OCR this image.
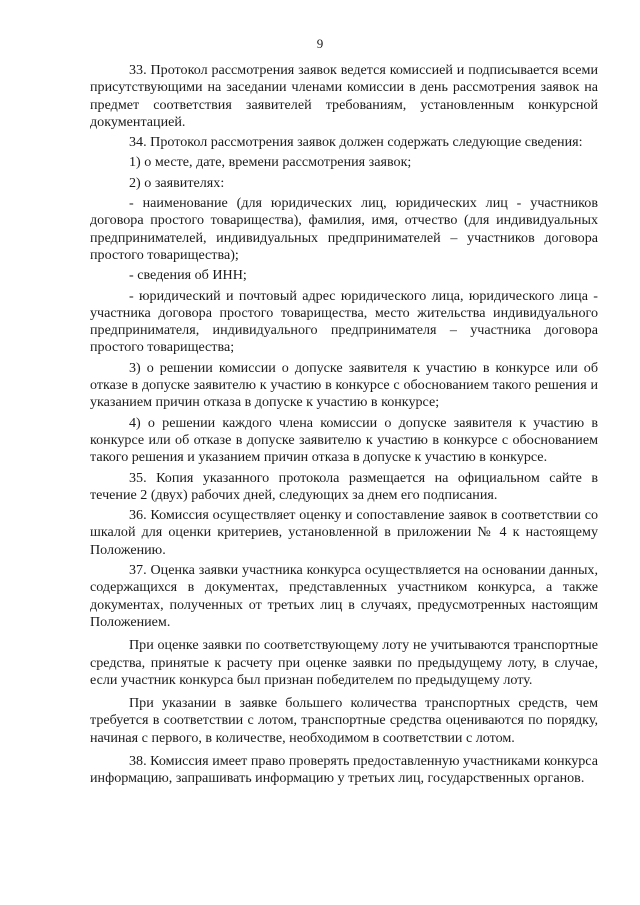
9

33. Протокол рассмотрения заявок ведется комиссией и подписывается всеми присутствующими на заседании членами комиссии в день рассмотрения заявок на предмет соответствия заявителей требованиям, установленным конкурсной документацией.

34. Протокол рассмотрения заявок должен содержать следующие сведения:

1) о месте, дате, времени рассмотрения заявок;

2) о заявителях:

- наименование (для юридических лиц, юридических лиц - участников договора простого товарищества), фамилия, имя, отчество (для индивидуальных предпринимателей, индивидуальных предпринимателей – участников договора простого товарищества);

- сведения об ИНН;

- юридический и почтовый адрес юридического лица, юридического лица - участника договора простого товарищества, место жительства индивидуального предпринимателя, индивидуального предпринимателя – участника договора простого товарищества;

3) о решении комиссии о допуске заявителя к участию в конкурсе или об отказе в допуске заявителю к участию в конкурсе с обоснованием такого решения и указанием причин отказа в допуске к участию в конкурсе;

4) о решении каждого члена комиссии о допуске заявителя к участию в конкурсе или об отказе в допуске заявителю к участию в конкурсе с обоснованием такого решения и указанием причин отказа в допуске к участию в конкурсе.

35. Копия указанного протокола размещается на официальном сайте в течение 2 (двух) рабочих дней, следующих за днем его подписания.

36. Комиссия осуществляет оценку и сопоставление заявок в соответствии со шкалой для оценки критериев, установленной в приложении № 4 к настоящему Положению.

37. Оценка заявки участника конкурса осуществляется на основании данных, содержащихся в документах, представленных участником конкурса, а также документах, полученных от третьих лиц в случаях, предусмотренных настоящим Положением.

При оценке заявки по соответствующему лоту не учитываются транспортные средства, принятые к расчету при оценке заявки по предыдущему лоту, в случае, если участник конкурса был признан победителем по предыдущему лоту.

При указании в заявке большего количества транспортных средств, чем требуется в соответствии с лотом, транспортные средства оцениваются по порядку, начиная с первого, в количестве, необходимом в соответствии с лотом.

38. Комиссия имеет право проверять предоставленную участниками конкурса информацию, запрашивать информацию у третьих лиц, государственных органов.
